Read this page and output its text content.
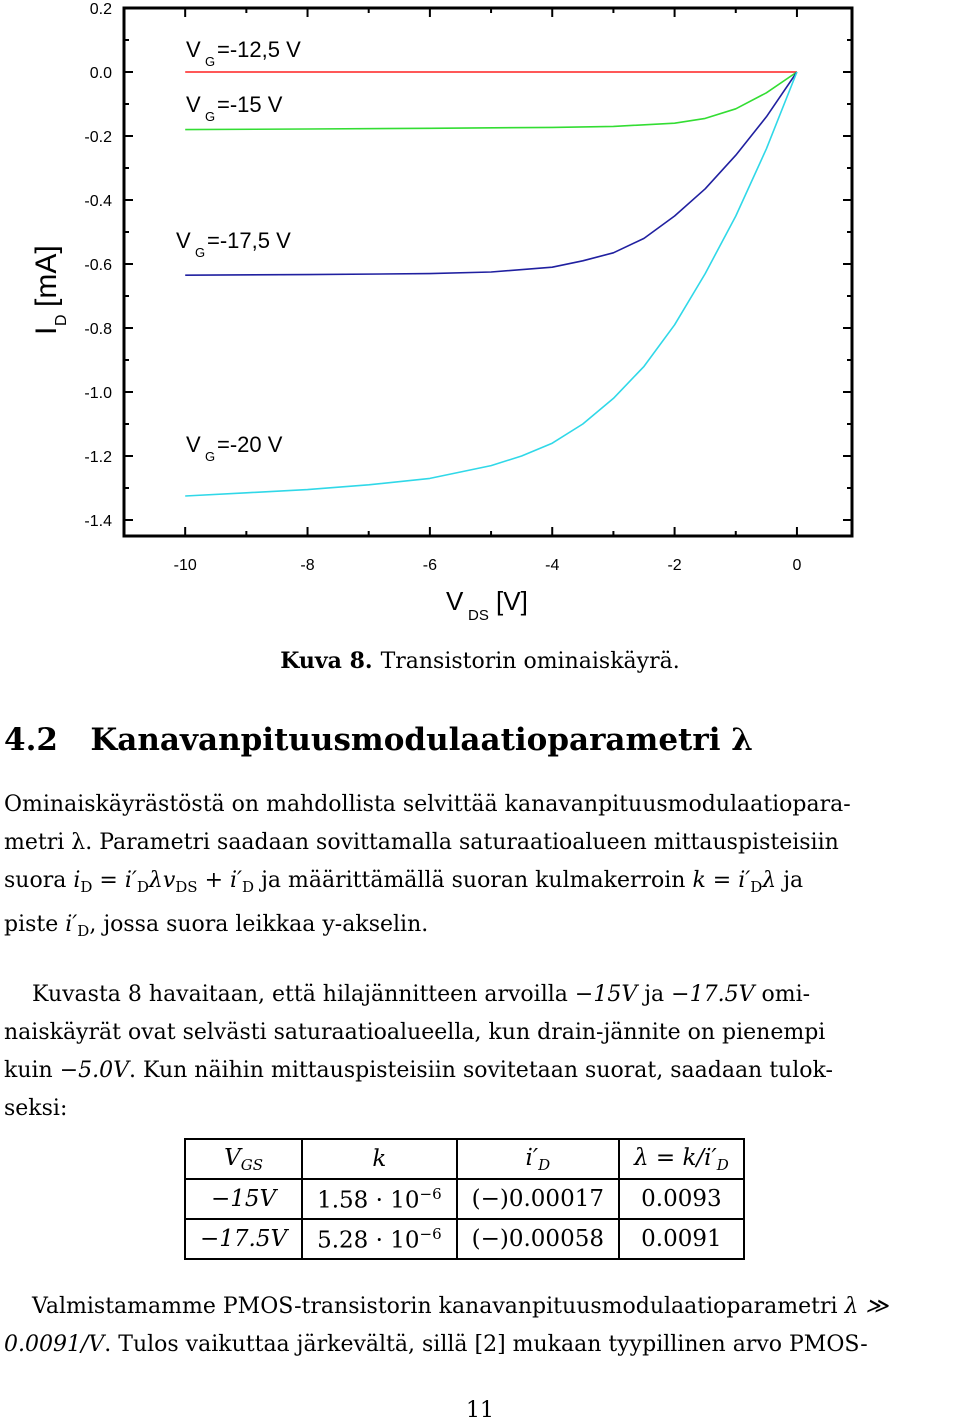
0.2
0.0
-0.2
-0.4
-0.6
-0.8
-1.0
-1.2
-1.4
-10	-8	-6	-4	-2	0
V G =-12,5 V
V G =-15 V
V G =-17,5 V
V G =-20 V
V DS [V]
I
D
[mA]
Kuva 8. Transistorin ominaiskäyrä.
4.2 Kanavanpituusmodulaatioparametri λ
Ominaiskäyrästöstä on mahdollista selvittää kanavanpituusmodulaatiopara-
metri λ. Parametri saadaan sovittamalla saturaatioalueen mittauspisteisiin
suora $i_D = i'_D\lambda v_{DS} + i'_D$ ja määrittämällä suoran kulmakerroin $k = i'_D\lambda$ ja
piste $i'_D$, jossa suora leikkaa y-akselin.
Kuvasta 8 havaitaan, että hilajännitteen arvoilla −15V ja −17.5V omi-
naiskäyrät ovat selvästi saturaatioalueella, kun drain-jännite on pienempi
kuin −5.0V. Kun näihin mittauspisteisiin sovitetaan suorat, saadaan tulok-
seksi:
$V_{GS}$	k	$i'_D$	$\lambda = k/i'_D$
−15V	$1.58 \cdot 10^{-6}$	(−)0.00017	0.0093
−17.5V	$5.28 \cdot 10^{-6}$	(−)0.00058	0.0091
Valmistamamme PMOS-transistorin kanavanpituusmodulaatioparametri λ ≫
0.0091/V. Tulos vaikuttaa järkevältä, sillä [2] mukaan tyypillinen arvo PMOS-
11
